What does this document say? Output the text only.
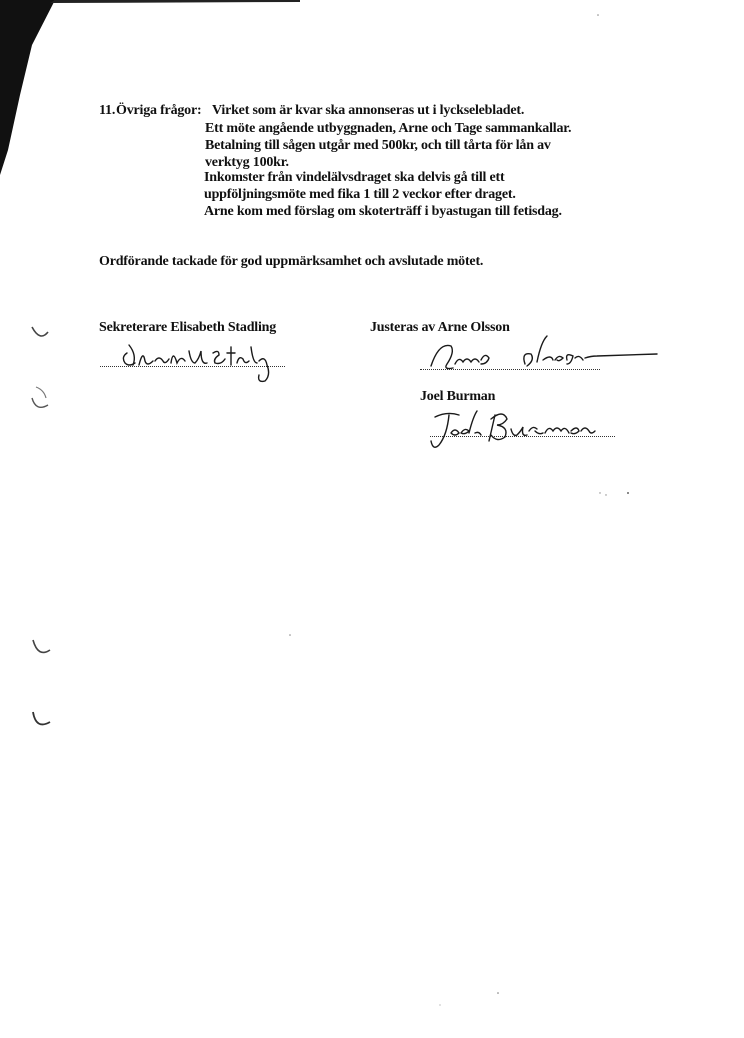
11. Övriga frågor: Virket som är kvar ska annonseras ut i lyckselebladet.
Ett möte angående utbyggnaden, Arne och Tage sammankallar.
Betalning till sågen utgår med 500kr, och till tårta för lån av
verktyg 100kr.
Inkomster från vindelälvsdraget ska delvis gå till ett
uppföljningsmöte med fika 1 till 2 veckor efter draget.
Arne kom med förslag om skoterträff i byastugan till fetisdag.
Ordförande tackade för god uppmärksamhet och avslutade mötet.
Sekreterare Elisabeth Stadling	Justeras av Arne Olsson
Joel Burman
